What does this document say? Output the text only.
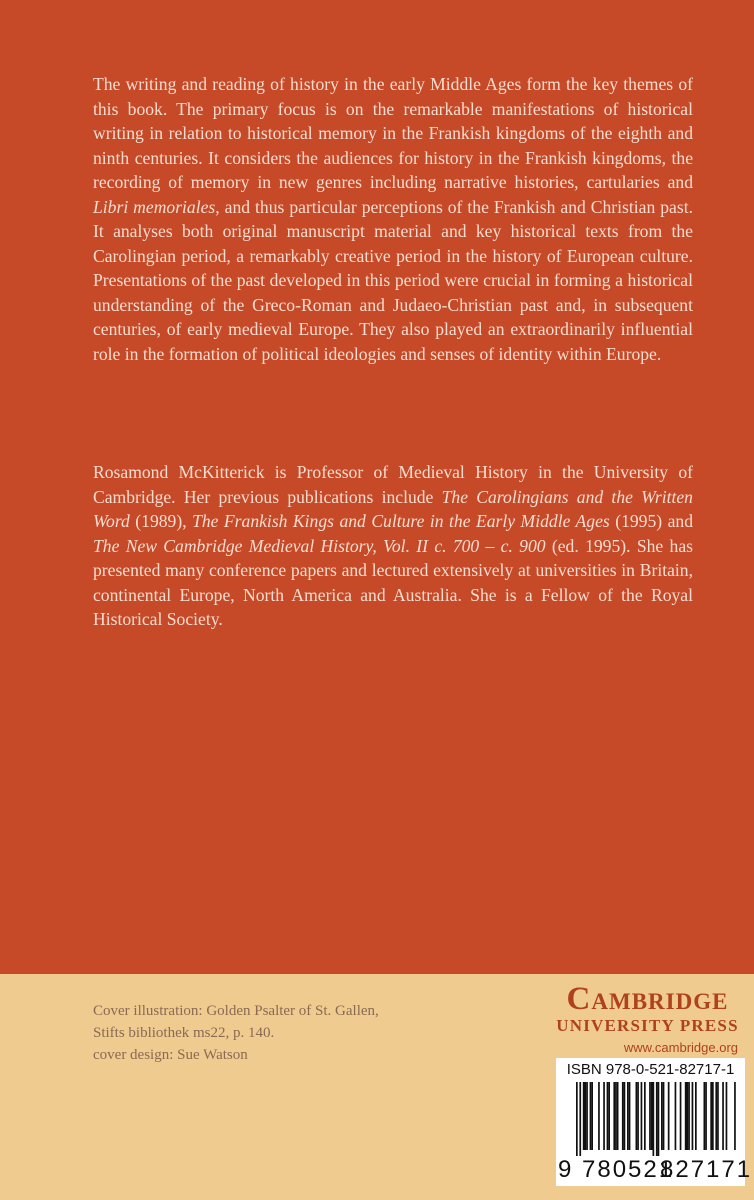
The writing and reading of history in the early Middle Ages form the key themes of this book. The primary focus is on the remarkable manifestations of historical writing in relation to historical memory in the Frankish kingdoms of the eighth and ninth centuries. It considers the audiences for history in the Frankish kingdoms, the recording of memory in new genres including narrative histories, cartularies and Libri memoriales, and thus particular perceptions of the Frankish and Christian past. It analyses both original manuscript material and key historical texts from the Carolingian period, a remarkably creative period in the history of European culture. Presentations of the past developed in this period were crucial in forming a historical understanding of the Greco-Roman and Judaeo-Christian past and, in subsequent centuries, of early medieval Europe. They also played an extraordinarily influential role in the formation of political ideologies and senses of identity within Europe.

Rosamond McKitterick is Professor of Medieval History in the University of Cambridge. Her previous publications include The Carolingians and the Written Word (1989), The Frankish Kings and Culture in the Early Middle Ages (1995) and The New Cambridge Medieval History, Vol. II c. 700 – c. 900 (ed. 1995). She has presented many conference papers and lectured extensively at universities in Britain, continental Europe, North America and Australia. She is a Fellow of the Royal Historical Society.

Cover illustration: Golden Psalter of St. Gallen,
Stifts bibliothek ms22, p. 140.
cover design: Sue Watson
Cambridge
UNIVERSITY PRESS
www.cambridge.org
ISBN 978-0-521-82717-1
9 780521
827171
